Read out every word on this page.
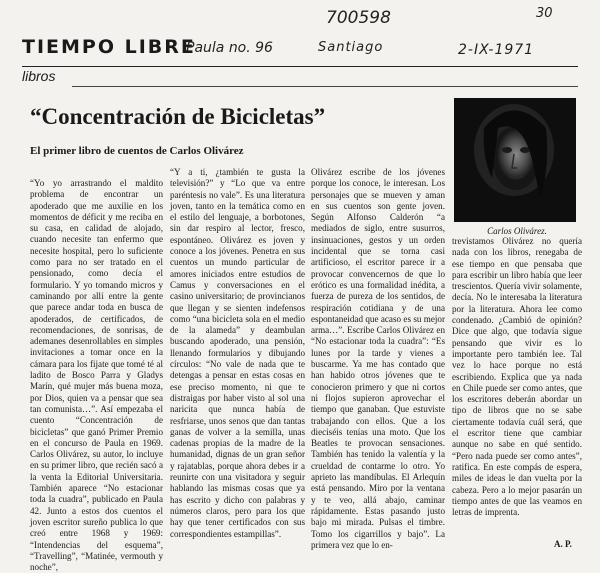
700598	30
Paula no. 96	Santiago	2-IX-1971
TIEMPO LIBRE
libros
“Concentración de Bicicletas”
El primer libro de cuentos de Carlos Olivárez
Carlos Olivárez.
“Yo yo arrastrando el maldito problema de encontrar un apoderado que me auxilie en los momentos de déficit y me reciba en su casa, en calidad de alojado, cuando necesite tan enfermo que necesite hospital, pero lo suficiente como para no ser tratado en el pensionado, como decía el formulario. Y yo tomando micros y caminando por allí entre la gente que parece andar toda en busca de apoderados, de certificados, de recomendaciones, de sonrisas, de ademanes desenrollables en simples invitaciones a tomar once en la cámara para los fijate que tomé té al ladito de Bosco Parra y Gladys Marín, qué mujer más buena moza, por Dios, quien va a pensar que sea tan comunista…”. Así empezaba el cuento “Concentración de bicicletas” que ganó Primer Premio en el concurso de Paula en 1969. Carlos Olivárez, su autor, lo incluye en su primer libro, que recién sacó a la venta la Editorial Universitaria. También aparece “No estacionar toda la cuadra”, publicado en Paula 42. Junto a estos dos cuentos el joven escritor sureño publica lo que creó entre 1968 y 1969: “Intendencias del esquema”, “Travelling”, “Matinée, vermouth y noche”,
“Y a ti, ¿también te gusta la televisión?” y “Lo que va entre paréntesis no vale”. Es una literatura joven, tanto en la temática como en el estilo del lenguaje, a borbotones, sin dar respiro al lector, fresco, espontáneo. Olivárez es joven y conoce a los jóvenes. Penetra en sus cuentos un mundo particular de amores iniciados entre estudios de Camus y conversaciones en el casino universitario; de provincianos que llegan y se sienten indefensos como “una bicicleta sola en el medio de la alameda” y deambulan buscando apoderado, una pensión, llenando formularios y dibujando círculos: “No vale de nada que te detengas a pensar en estas cosas en ese preciso momento, ni que te distraigas por haber visto al sol una naricita que nunca había de resfriarse, unos senos que dan tantas ganas de volver a la semilla, unas cadenas propias de la madre de la humanidad, dignas de un gran señor y rajatablas, porque ahora debes ir a reunirte con una visitadora y seguir hablando las mismas cosas que ya has escrito y dicho con palabras y números claros, pero para los que hay que tener certificados con sus correspondientes estampillas”.
Olivárez escribe de los jóvenes porque los conoce, le interesan. Los personajes que se mueven y aman en sus cuentos son gente joven. Según Alfonso Calderón “a mediados de siglo, entre susurros, insinuaciones, gestos y un orden incidental que se torna casi artificioso, el escritor parece ir a provocar convencernos de que lo erótico es una formalidad inédita, a fuerza de pureza de los sentidos, de respiración cotidiana y de una espontaneidad que acaso es su mejor arma…”. Escribe Carlos Olivárez en “No estacionar toda la cuadra”: “Es lunes por la tarde y vienes a buscarme. Ya me has contado que han habido otros jóvenes que te conocieron primero y que ni cortos ni flojos supieron aprovechar el tiempo que ganaban. Que estuviste trabajando con ellos. Que a los dieciséis tenías una moto. Que los Beatles te provocan sensaciones. También has tenido la valentía y la crueldad de contarme lo otro. Yo aprieto las mandíbulas. El Arlequín está pensando. Miro por la ventana y te veo, allá abajo, caminar rápidamente. Estas pasando justo bajo mi mirada. Pulsas el timbre. Tomo los cigarrillos y bajo”. La primera vez que lo en-
trevistamos Olivárez no quería nada con los libros, renegaba de ese tiempo en que pensaba que para escribir un libro había que leer trescientos. Quería vivir solamente, decía. No le interesaba la literatura por la literatura. Ahora lee como condenado. ¿Cambió de opinión? Dice que algo, que todavía sigue pensando que vivir es lo importante pero también lee. Tal vez lo hace porque no está escribiendo. Explica que ya nada en Chile puede ser como antes, que los escritores deberán abordar un tipo de libros que no se sabe ciertamente todavía cuál será, que el escritor tiene que cambiar aunque no sabe en qué sentido. “Pero nada puede ser como antes”, ratifica. En este compás de espera, miles de ideas le dan vuelta por la cabeza. Pero a lo mejor pasarán un tiempo antes de que las veamos en letras de imprenta.
A. P.
